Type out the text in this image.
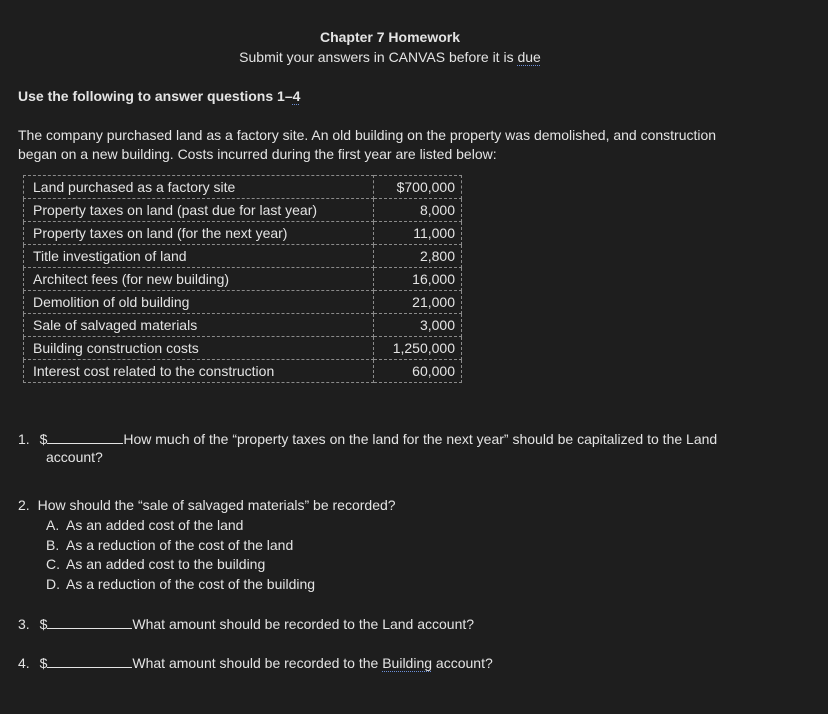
Chapter 7 Homework
Submit your answers in CANVAS before it is due
Use the following to answer questions 1–4
The company purchased land as a factory site. An old building on the property was demolished, and construction
began on a new building. Costs incurred during the first year are listed below:
Land purchased as a factory site	$700,000
Property taxes on land (past due for last year)	8,000
Property taxes on land (for the next year)	11,000
Title investigation of land	2,800
Architect fees (for new building)	16,000
Demolition of old building	21,000
Sale of salvaged materials	3,000
Building construction costs	1,250,000
Interest cost related to the construction	60,000
1. $	How much of the “property taxes on the land for the next year” should be capitalized to the Land
account?
2. How should the “sale of salvaged materials” be recorded?
A. As an added cost of the land
B. As a reduction of the cost of the land
C. As an added cost to the building
D. As a reduction of the cost of the building
3. $	What amount should be recorded to the Land account?
4. $	What amount should be recorded to the Building account?
